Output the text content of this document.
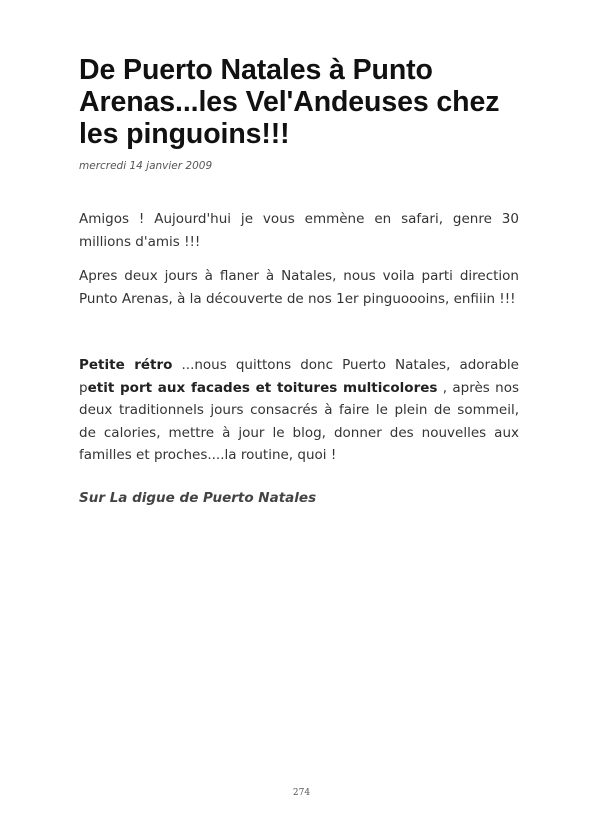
De Puerto Natales à Punto Arenas...les Vel'Andeuses chez les pinguoins!!!

mercredi 14 janvier 2009

Amigos ! Aujourd'hui je vous emmène en safari, genre 30 millions d'amis !!!

Apres deux jours à flaner à Natales, nous voila parti direction Punto Arenas, à la découverte de nos 1er pinguoooins, enfiiin !!!

Petite rétro ...nous quittons donc Puerto Natales, adorable petit port aux facades et toitures multicolores , après nos deux traditionnels jours consacrés à faire le plein de sommeil, de calories, mettre à jour le blog, donner des nouvelles aux familles et proches....la routine, quoi !

Sur La digue de Puerto Natales

274
